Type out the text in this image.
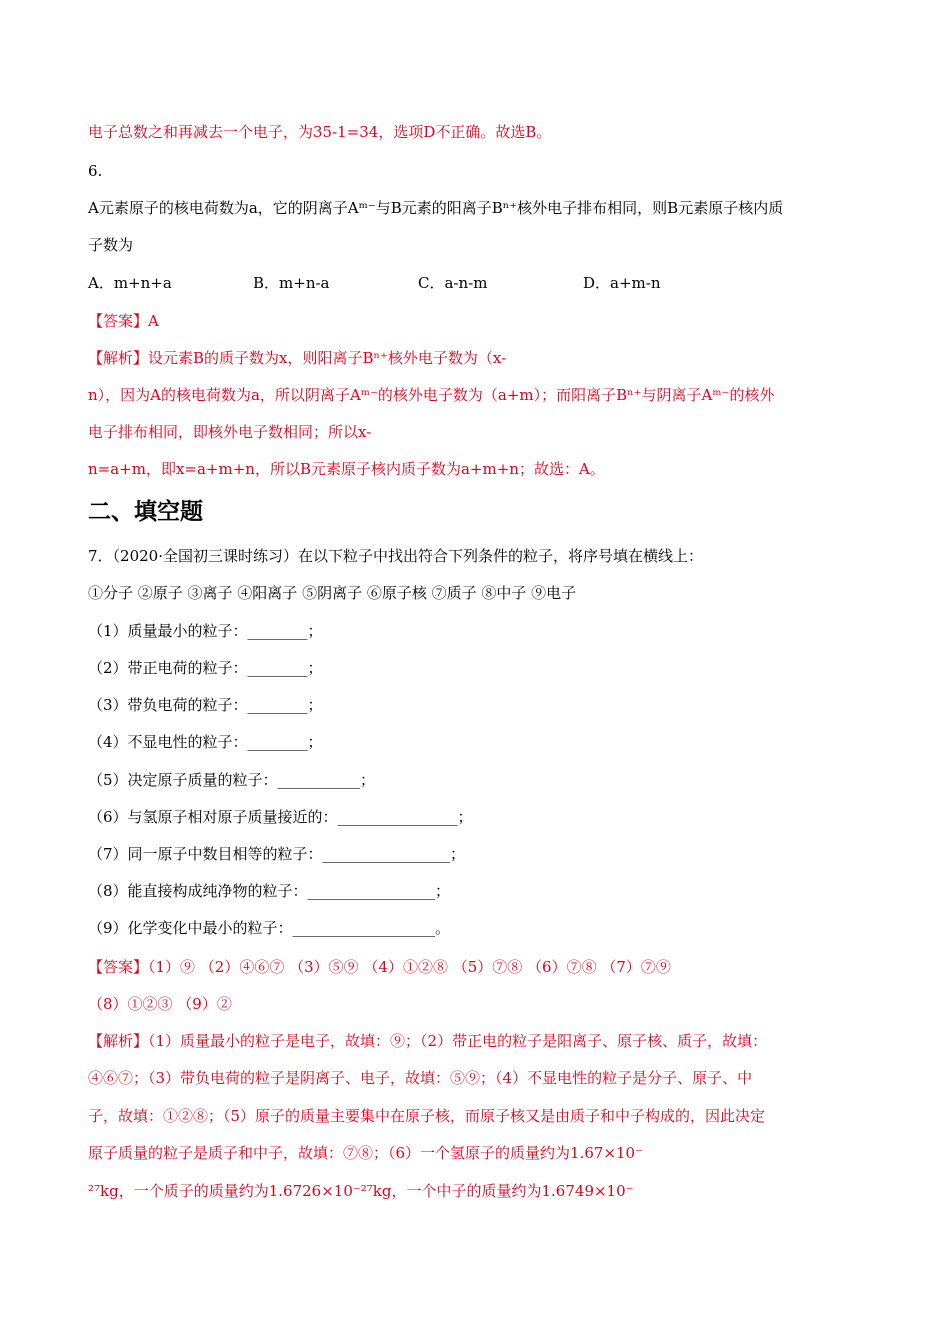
电子总数之和再减去一个电子，为35-1=34，选项D不正确。故选B。
6.
A元素原子的核电荷数为a，它的阴离子Aᵐ⁻与B元素的阳离子Bⁿ⁺核外电子排布相同，则B元素原子核内质
子数为
A．m+n+a	B．m+n-a	C．a-n-m	D．a+m-n
【答案】A
【解析】设元素B的质子数为x，则阳离子Bⁿ⁺核外电子数为（x-
n），因为A的核电荷数为a，所以阴离子Aᵐ⁻的核外电子数为（a+m）；而阳离子Bⁿ⁺与阴离子Aᵐ⁻的核外
电子排布相同，即核外电子数相同；所以x-
n=a+m，即x=a+m+n，所以B元素原子核内质子数为a+m+n；故选：A。
二、填空题
7．（2020·全国初三课时练习）在以下粒子中找出符合下列条件的粒子，将序号填在横线上：
①分子 ②原子 ③离子 ④阳离子 ⑤阴离子 ⑥原子核 ⑦质子 ⑧中子 ⑨电子
（1）质量最小的粒子：________；
（2）带正电荷的粒子：________；
（3）带负电荷的粒子：________；
（4）不显电性的粒子：________；
（5）决定原子质量的粒子：___________；
（6）与氢原子相对原子质量接近的：________________；
（7）同一原子中数目相等的粒子：_________________；
（8）能直接构成纯净物的粒子：_________________；
（9）化学变化中最小的粒子：___________________。
【答案】（1）⑨ （2）④⑥⑦ （3）⑤⑨ （4）①②⑧ （5）⑦⑧ （6）⑦⑧ （7）⑦⑨
（8）①②③ （9）②
【解析】（1）质量最小的粒子是电子，故填：⑨；（2）带正电的粒子是阳离子、原子核、质子，故填：
④⑥⑦；（3）带负电荷的粒子是阴离子、电子，故填：⑤⑨；（4）不显电性的粒子是分子、原子、中
子，故填：①②⑧；（5）原子的质量主要集中在原子核，而原子核又是由质子和中子构成的，因此决定
原子质量的粒子是质子和中子，故填：⑦⑧；（6）一个氢原子的质量约为1.67×10⁻
²⁷kg，一个质子的质量约为1.6726×10⁻²⁷kg，一个中子的质量约为1.6749×10⁻
